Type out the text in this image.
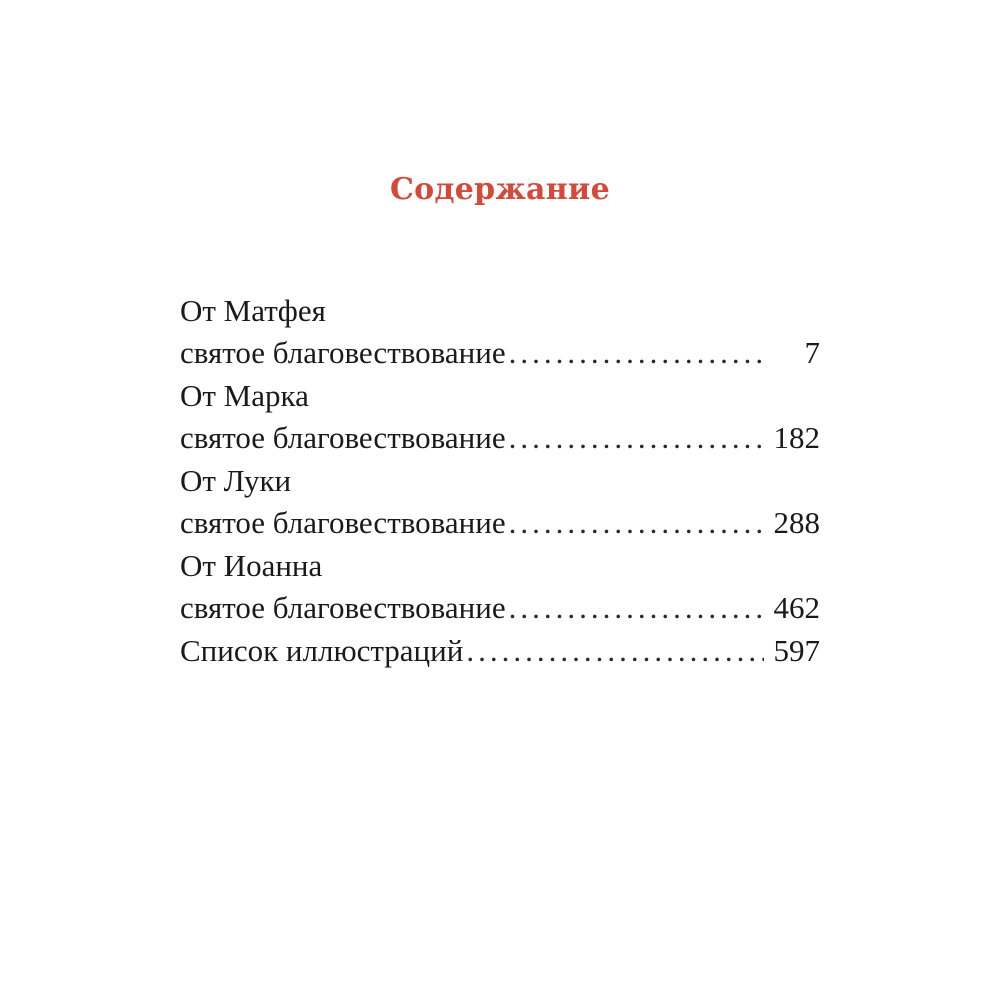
Содержание
От Матфея
святое благовествование .....	7
От Марка
святое благовествование .....	182
От Луки
святое благовествование .....	288
От Иоанна
святое благовествование .....	462
Список иллюстраций .....	597
